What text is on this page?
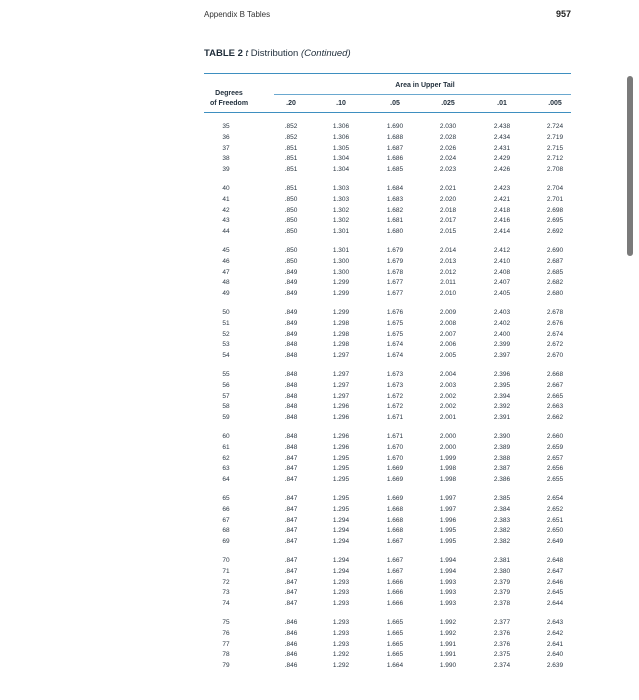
Appendix B Tables	957
TABLE 2 t Distribution (Continued)
Degrees
of Freedom
Area in Upper Tail
.20	.10	.05	.025	.01	.005
35	.852	1.306	1.690	2.030	2.438	2.724
36	.852	1.306	1.688	2.028	2.434	2.719
37	.851	1.305	1.687	2.026	2.431	2.715
38	.851	1.304	1.686	2.024	2.429	2.712
39	.851	1.304	1.685	2.023	2.426	2.708
40	.851	1.303	1.684	2.021	2.423	2.704
41	.850	1.303	1.683	2.020	2.421	2.701
42	.850	1.302	1.682	2.018	2.418	2.698
43	.850	1.302	1.681	2.017	2.416	2.695
44	.850	1.301	1.680	2.015	2.414	2.692
45	.850	1.301	1.679	2.014	2.412	2.690
46	.850	1.300	1.679	2.013	2.410	2.687
47	.849	1.300	1.678	2.012	2.408	2.685
48	.849	1.299	1.677	2.011	2.407	2.682
49	.849	1.299	1.677	2.010	2.405	2.680
50	.849	1.299	1.676	2.009	2.403	2.678
51	.849	1.298	1.675	2.008	2.402	2.676
52	.849	1.298	1.675	2.007	2.400	2.674
53	.848	1.298	1.674	2.006	2.399	2.672
54	.848	1.297	1.674	2.005	2.397	2.670
55	.848	1.297	1.673	2.004	2.396	2.668
56	.848	1.297	1.673	2.003	2.395	2.667
57	.848	1.297	1.672	2.002	2.394	2.665
58	.848	1.296	1.672	2.002	2.392	2.663
59	.848	1.296	1.671	2.001	2.391	2.662
60	.848	1.296	1.671	2.000	2.390	2.660
61	.848	1.296	1.670	2.000	2.389	2.659
62	.847	1.295	1.670	1.999	2.388	2.657
63	.847	1.295	1.669	1.998	2.387	2.656
64	.847	1.295	1.669	1.998	2.386	2.655
65	.847	1.295	1.669	1.997	2.385	2.654
66	.847	1.295	1.668	1.997	2.384	2.652
67	.847	1.294	1.668	1.996	2.383	2.651
68	.847	1.294	1.668	1.995	2.382	2.650
69	.847	1.294	1.667	1.995	2.382	2.649
70	.847	1.294	1.667	1.994	2.381	2.648
71	.847	1.294	1.667	1.994	2.380	2.647
72	.847	1.293	1.666	1.993	2.379	2.646
73	.847	1.293	1.666	1.993	2.379	2.645
74	.847	1.293	1.666	1.993	2.378	2.644
75	.846	1.293	1.665	1.992	2.377	2.643
76	.846	1.293	1.665	1.992	2.376	2.642
77	.846	1.293	1.665	1.991	2.376	2.641
78	.846	1.292	1.665	1.991	2.375	2.640
79	.846	1.292	1.664	1.990	2.374	2.639
